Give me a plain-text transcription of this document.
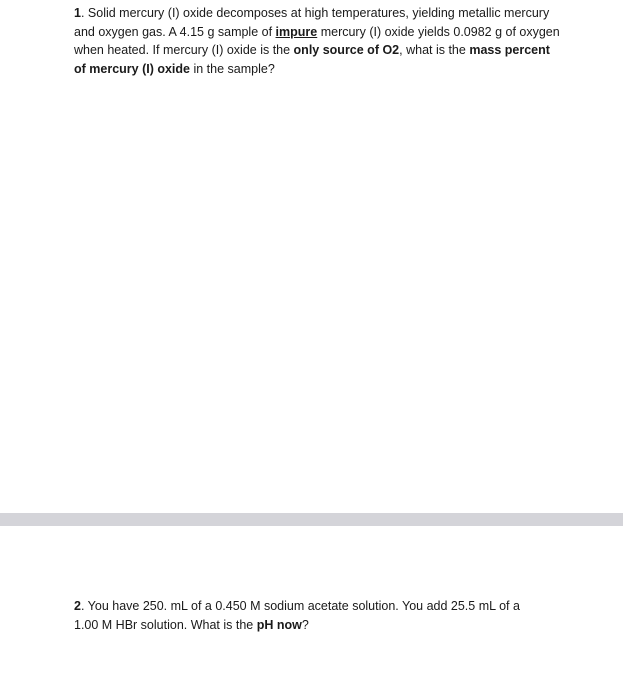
1. Solid mercury (I) oxide decomposes at high temperatures, yielding metallic mercury
and oxygen gas. A 4.15 g sample of impure mercury (I) oxide yields 0.0982 g of oxygen
when heated. If mercury (I) oxide is the only source of O2, what is the mass percent
of mercury (I) oxide in the sample?
2. You have 250. mL of a 0.450 M sodium acetate solution. You add 25.5 mL of a
1.00 M HBr solution. What is the pH now?
